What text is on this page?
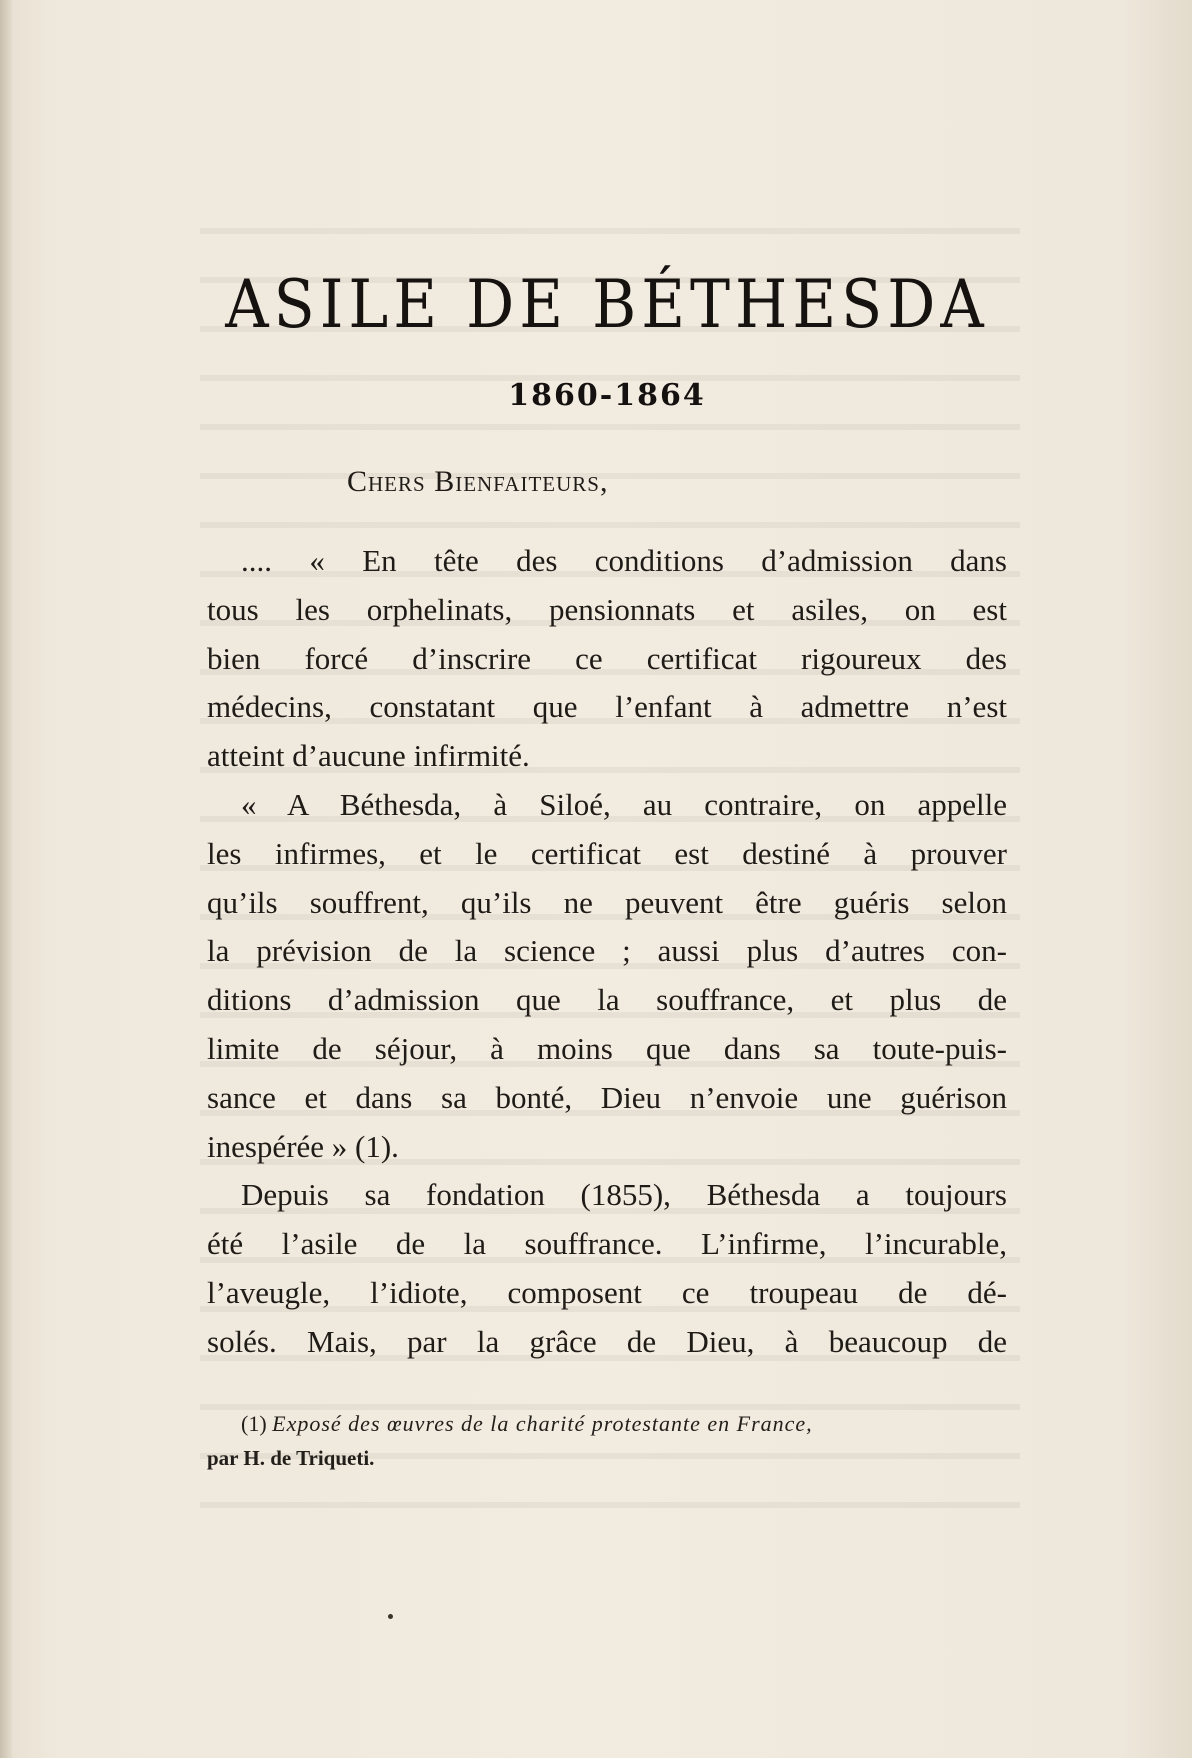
ASILE DE BÉTHESDA
1860-1864
Chers Bienfaiteurs,

.... « En tête des conditions d’admission dans
tous les orphelinats, pensionnats et asiles, on est
bien forcé d’inscrire ce certificat rigoureux des
médecins, constatant que l’enfant à admettre n’est
atteint d’aucune infirmité.

« A Béthesda, à Siloé, au contraire, on appelle
les infirmes, et le certificat est destiné à prouver
qu’ils souffrent, qu’ils ne peuvent être guéris selon
la prévision de la science ; aussi plus d’autres con-
ditions d’admission que la souffrance, et plus de
limite de séjour, à moins que dans sa toute-puis-
sance et dans sa bonté, Dieu n’envoie une guérison
inespérée » (1).

Depuis sa fondation (1855), Béthesda a toujours
été l’asile de la souffrance. L’infirme, l’incurable,
l’aveugle, l’idiote, composent ce troupeau de dé-
solés. Mais, par la grâce de Dieu, à beaucoup de

(1) Exposé des œuvres de la charité protestante en France,
par H. de Triqueti.
